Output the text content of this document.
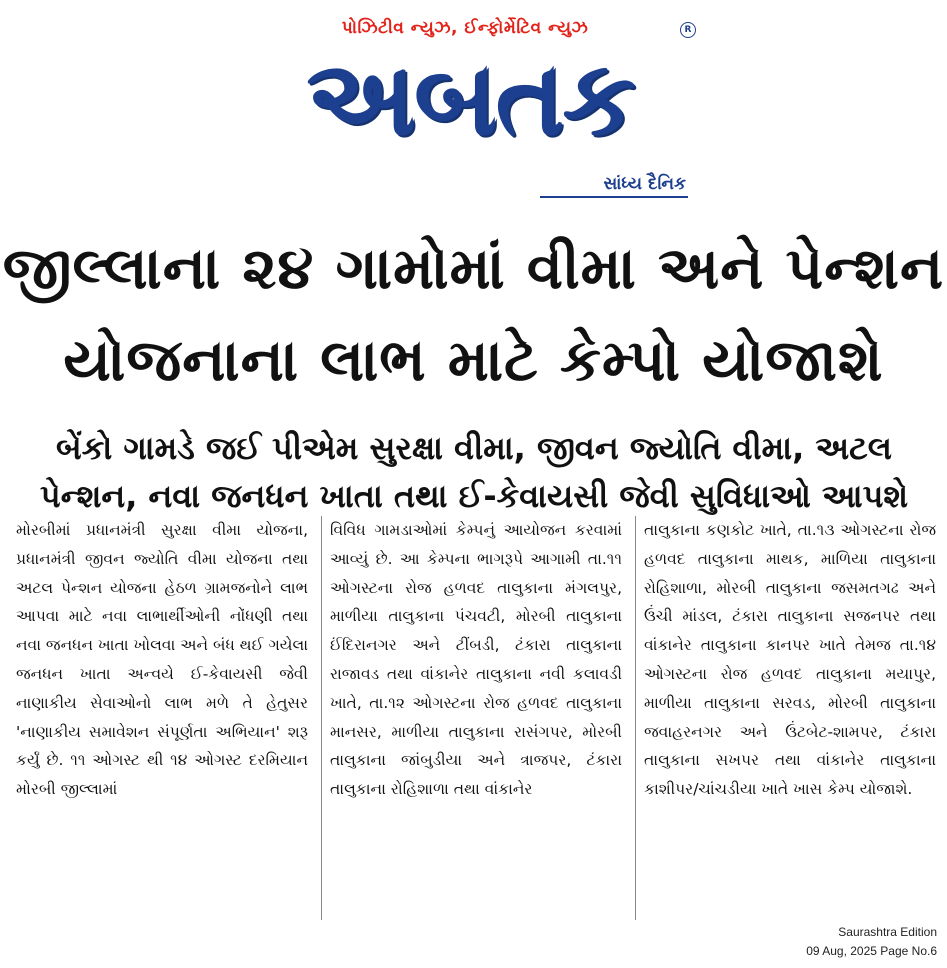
પોઝિટીવ ન્યુઝ, ઈન્ફોર્મેટિવ ન્યુઝ	R
અબતક
સાંધ્ય દૈનિક
જીલ્લાના ૨૪ ગામોમાં વીમા અને પેન્શન
યોજનાના લાભ માટે કેમ્પો યોજાશે
બેંકો ગામડે જઈ પીએમ સુરક્ષા વીમા, જીવન જ્યોતિ વીમા, અટલ
પેન્શન, નવા જનધન ખાતા તથા ઈ-કેવાયસી જેવી સુવિધાઓ આપશે
મોરબીમાં પ્રધાનમંત્રી સુરક્ષા વીમા યોજના, પ્રધાનમંત્રી જીવન જ્યોતિ વીમા યોજના તથા અટલ પેન્શન યોજના હેઠળ ગ્રામજનોને લાભ આપવા માટે નવા લાભાર્થીઓની નોંધણી તથા નવા જનધન ખાતા ખોલવા અને બંધ થઈ ગયેલા જનધન ખાતા અન્વયે ઈ-કેવાયસી જેવી નાણાકીય સેવાઓનો લાભ મળે તે હેતુસર 'નાણાકીય સમાવેશન સંપૂર્ણતા અભિયાન' શરૂ કર્યું છે. ૧૧ ઓગસ્ટ થી ૧૪ ઓગસ્ટ દરમિયાન મોરબી જીલ્લામાં
વિવિધ ગામડાઓમાં કેમ્પનું આયોજન કરવામાં આવ્યું છે. આ કેમ્પના ભાગરૂપે આગામી તા.૧૧ ઓગસ્ટના રોજ હળવદ તાલુકાના મંગલપુર, માળીયા તાલુકાના પંચવટી, મોરબી તાલુકાના ઈંદિરાનગર અને ટીંબડી, ટંકારા તાલુકાના રાજાવડ તથા વાંકાનેર તાલુકાના નવી કલાવડી ખાતે, તા.૧૨ ઓગસ્ટના રોજ હળવદ તાલુકાના માનસર, માળીયા તાલુકાના રાસંગપર, મોરબી તાલુકાના જાંબુડીયા અને ત્રાજપર, ટંકારા તાલુકાના રોહિશાળા તથા વાંકાનેર
તાલુકાના કણકોટ ખાતે, તા.૧૩ ઓગસ્ટના રોજ હળવદ તાલુકાના માથક, માળિયા તાલુકાના રોહિશાળા, મોરબી તાલુકાના જસમતગઢ અને ઉંચી માંડલ, ટંકારા તાલુકાના સજનપર તથા વાંકાનેર તાલુકાના કાનપર ખાતે તેમજ તા.૧૪ ઓગસ્ટના રોજ હળવદ તાલુકાના મયાપુર, માળીયા તાલુકાના સરવડ, મોરબી તાલુકાના જવાહરનગર અને ઉંટબેટ-શામપર, ટંકારા તાલુકાના સખપર તથા વાંકાનેર તાલુકાના કાશીપર/ચાંચડીયા ખાતે ખાસ કેમ્પ યોજાશે.
Saurashtra Edition
09 Aug, 2025 Page No.6
